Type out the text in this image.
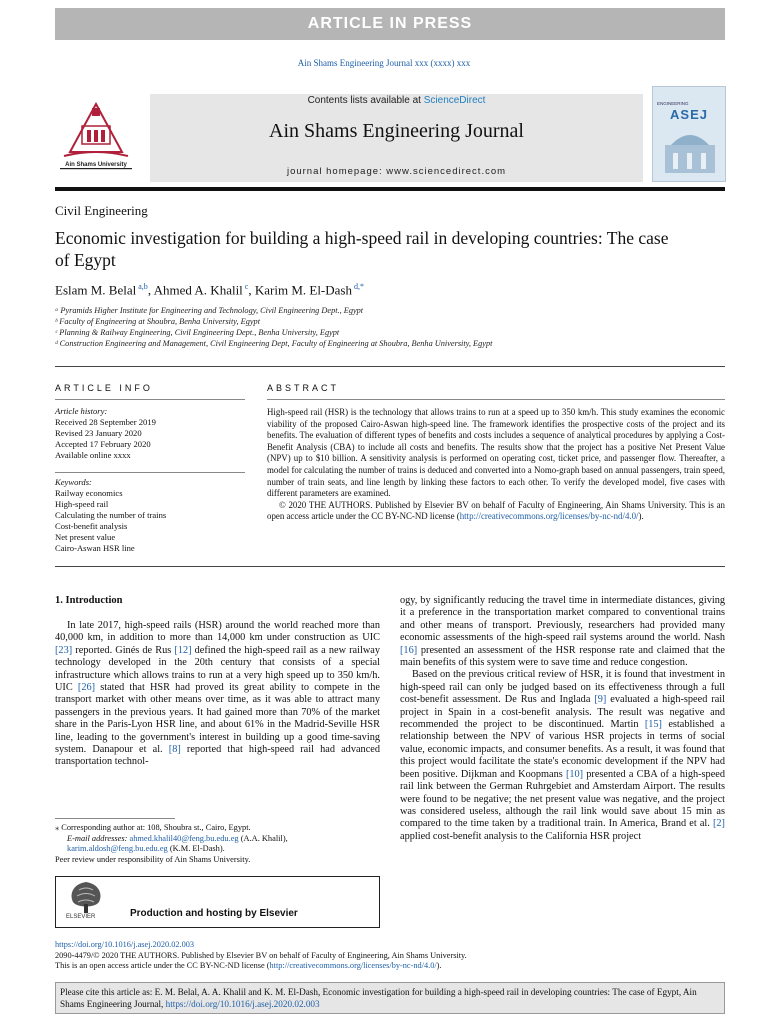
ARTICLE IN PRESS
Ain Shams Engineering Journal xxx (xxxx) xxx
Ain Shams University
Contents lists available at ScienceDirect
Ain Shams Engineering Journal
journal homepage: www.sciencedirect.com
ENGINEERING
ASEJ
Civil Engineering
Economic investigation for building a high-speed rail in developing countries: The case of Egypt
Eslam M. Belal $^{a,b}$, Ahmed A. Khalil $^c$, Karim M. El-Dash $^{d,*}$
ᵃ Pyramids Higher Institute for Engineering and Technology, Civil Engineering Dept., Egypt
ᵇ Faculty of Engineering at Shoubra, Benha University, Egypt
ᶜ Planning & Railway Engineering, Civil Engineering Dept., Benha University, Egypt
ᵈ Construction Engineering and Management, Civil Engineering Dept, Faculty of Engineering at Shoubra, Benha University, Egypt
ARTICLE INFO
Article history:
Received 28 September 2019
Revised 23 January 2020
Accepted 17 February 2020
Available online xxxx
Keywords:
Railway economics
High-speed rail
Calculating the number of trains
Cost-benefit analysis
Net present value
Cairo-Aswan HSR line
ABSTRACT
High-speed rail (HSR) is the technology that allows trains to run at a speed up to 350 km/h. This study examines the economic viability of the proposed Cairo-Aswan high-speed line. The framework identifies the prospective costs of the project and its benefits. The evaluation of different types of benefits and costs includes a sequence of analytical procedures by applying a Cost-Benefit Analysis (CBA) to include all costs and benefits. The results show that the project has a positive Net Present Value (NPV) up to $10 billion. A sensitivity analysis is performed on operating cost, ticket price, and passenger flow. Thereafter, a model for calculating the number of trains is deduced and converted into a Nomo-graph based on annual passengers, train speed, number of train seats, and line length by linking these factors to each other. To verify the developed model, five cases with different parameters are examined.
© 2020 THE AUTHORS. Published by Elsevier BV on behalf of Faculty of Engineering, Ain Shams University. This is an open access article under the CC BY-NC-ND license (http://creativecommons.org/licenses/by-nc-nd/4.0/).
1. Introduction

In late 2017, high-speed rails (HSR) around the world reached more than 40,000 km, in addition to more than 14,000 km under construction as UIC [23] reported. Ginés de Rus [12] defined the high-speed rail as a new railway technology developed in the 20th century that consists of a special infrastructure which allows trains to run at a very high speed up to 350 km/h. UIC [26] stated that HSR had proved its great ability to compete in the transport market with other means over time, as it was able to attract many passengers in the previous years. It had gained more than 70% of the market share in the Paris-Lyon HSR line, and about 61% in the Madrid-Seville HSR line, leading to the government's interest in building up a good time-saving system. Danapour et al. [8] reported that high-speed rail had advanced transportation technol-

ogy, by significantly reducing the travel time in intermediate distances, giving it a preference in the transportation market compared to conventional trains and other means of transport. Previously, researchers had provided many economic assessments of the high-speed rail systems around the world. Nash [16] presented an assessment of the HSR response rate and claimed that the main benefits of this system were to save time and reduce congestion.

Based on the previous critical review of HSR, it is found that investment in high-speed rail can only be judged based on its effectiveness through a full cost-benefit assessment. De Rus and Inglada [9] evaluated a high-speed rail project in Spain in a cost-benefit analysis. The result was negative and recommended the project to be discontinued. Martin [15] established a relationship between the NPV of various HSR projects in terms of social value, economic impacts, and consumer benefits. As a result, it was found that this project would facilitate the state's economic development if the NPV had been positive. Dijkman and Koopmans [10] presented a CBA of a high-speed rail link between the German Ruhrgebiet and Amsterdam Airport. The results were found to be negative; the net present value was negative, and the project was considered useless, although the rail link would save about 15 min as compared to the time taken by a traditional train. In America, Brand et al. [2] applied cost-benefit analysis to the California HSR project

⁎ Corresponding author at: 108, Shoubra st., Cairo, Egypt.
E-mail addresses: ahmed.khalil40@feng.bu.edu.eg (A.A. Khalil), karim.aldosh@feng.bu.edu.eg (K.M. El-Dash).
Peer review under responsibility of Ain Shams University.
ELSEVIER	Production and hosting by Elsevier
https://doi.org/10.1016/j.asej.2020.02.003
2090-4479/© 2020 THE AUTHORS. Published by Elsevier BV on behalf of Faculty of Engineering, Ain Shams University.
This is an open access article under the CC BY-NC-ND license (http://creativecommons.org/licenses/by-nc-nd/4.0/).
Please cite this article as: E. M. Belal, A. A. Khalil and K. M. El-Dash, Economic investigation for building a high-speed rail in developing countries: The case of Egypt, Ain Shams Engineering Journal, https://doi.org/10.1016/j.asej.2020.02.003
